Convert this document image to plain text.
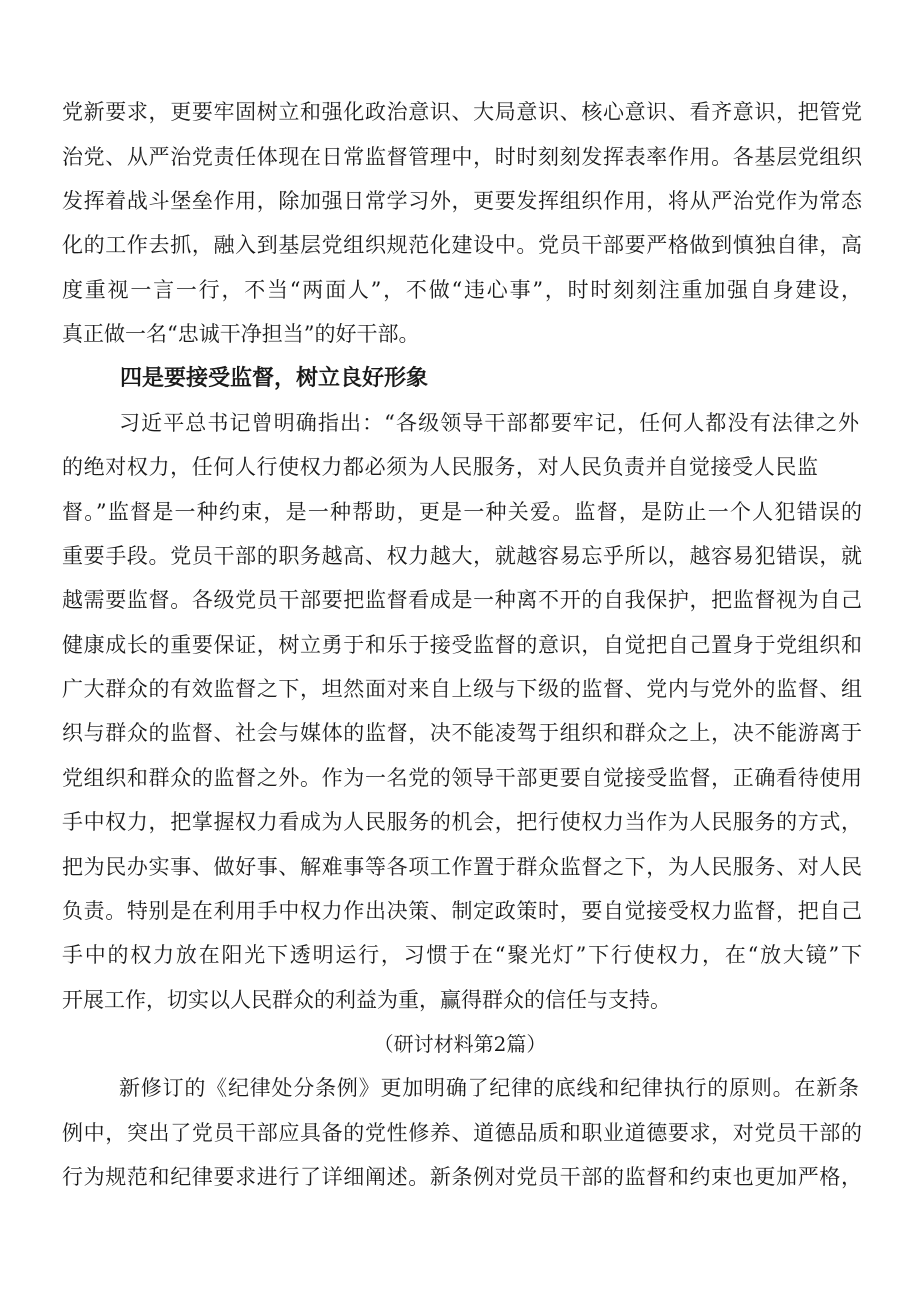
党新要求，更要牢固树立和强化政治意识、大局意识、核心意识、看齐意识，把管党
治党、从严治党责任体现在日常监督管理中，时时刻刻发挥表率作用。各基层党组织
发挥着战斗堡垒作用，除加强日常学习外，更要发挥组织作用，将从严治党作为常态
化的工作去抓，融入到基层党组织规范化建设中。党员干部要严格做到慎独自律，高
度重视一言一行，不当“两面人”，不做“违心事”，时时刻刻注重加强自身建设，
真正做一名“忠诚干净担当”的好干部。
四是要接受监督，树立良好形象
习近平总书记曾明确指出：“各级领导干部都要牢记，任何人都没有法律之外
的绝对权力，任何人行使权力都必须为人民服务，对人民负责并自觉接受人民监
督。”监督是一种约束，是一种帮助，更是一种关爱。监督，是防止一个人犯错误的
重要手段。党员干部的职务越高、权力越大，就越容易忘乎所以，越容易犯错误，就
越需要监督。各级党员干部要把监督看成是一种离不开的自我保护，把监督视为自己
健康成长的重要保证，树立勇于和乐于接受监督的意识，自觉把自己置身于党组织和
广大群众的有效监督之下，坦然面对来自上级与下级的监督、党内与党外的监督、组
织与群众的监督、社会与媒体的监督，决不能凌驾于组织和群众之上，决不能游离于
党组织和群众的监督之外。作为一名党的领导干部更要自觉接受监督，正确看待使用
手中权力，把掌握权力看成为人民服务的机会，把行使权力当作为人民服务的方式，
把为民办实事、做好事、解难事等各项工作置于群众监督之下，为人民服务、对人民
负责。特别是在利用手中权力作出决策、制定政策时，要自觉接受权力监督，把自己
手中的权力放在阳光下透明运行，习惯于在“聚光灯”下行使权力，在“放大镜”下
开展工作，切实以人民群众的利益为重，赢得群众的信任与支持。
（研讨材料第2篇）
新修订的《纪律处分条例》更加明确了纪律的底线和纪律执行的原则。在新条
例中，突出了党员干部应具备的党性修养、道德品质和职业道德要求，对党员干部的
行为规范和纪律要求进行了详细阐述。新条例对党员干部的监督和约束也更加严格，
